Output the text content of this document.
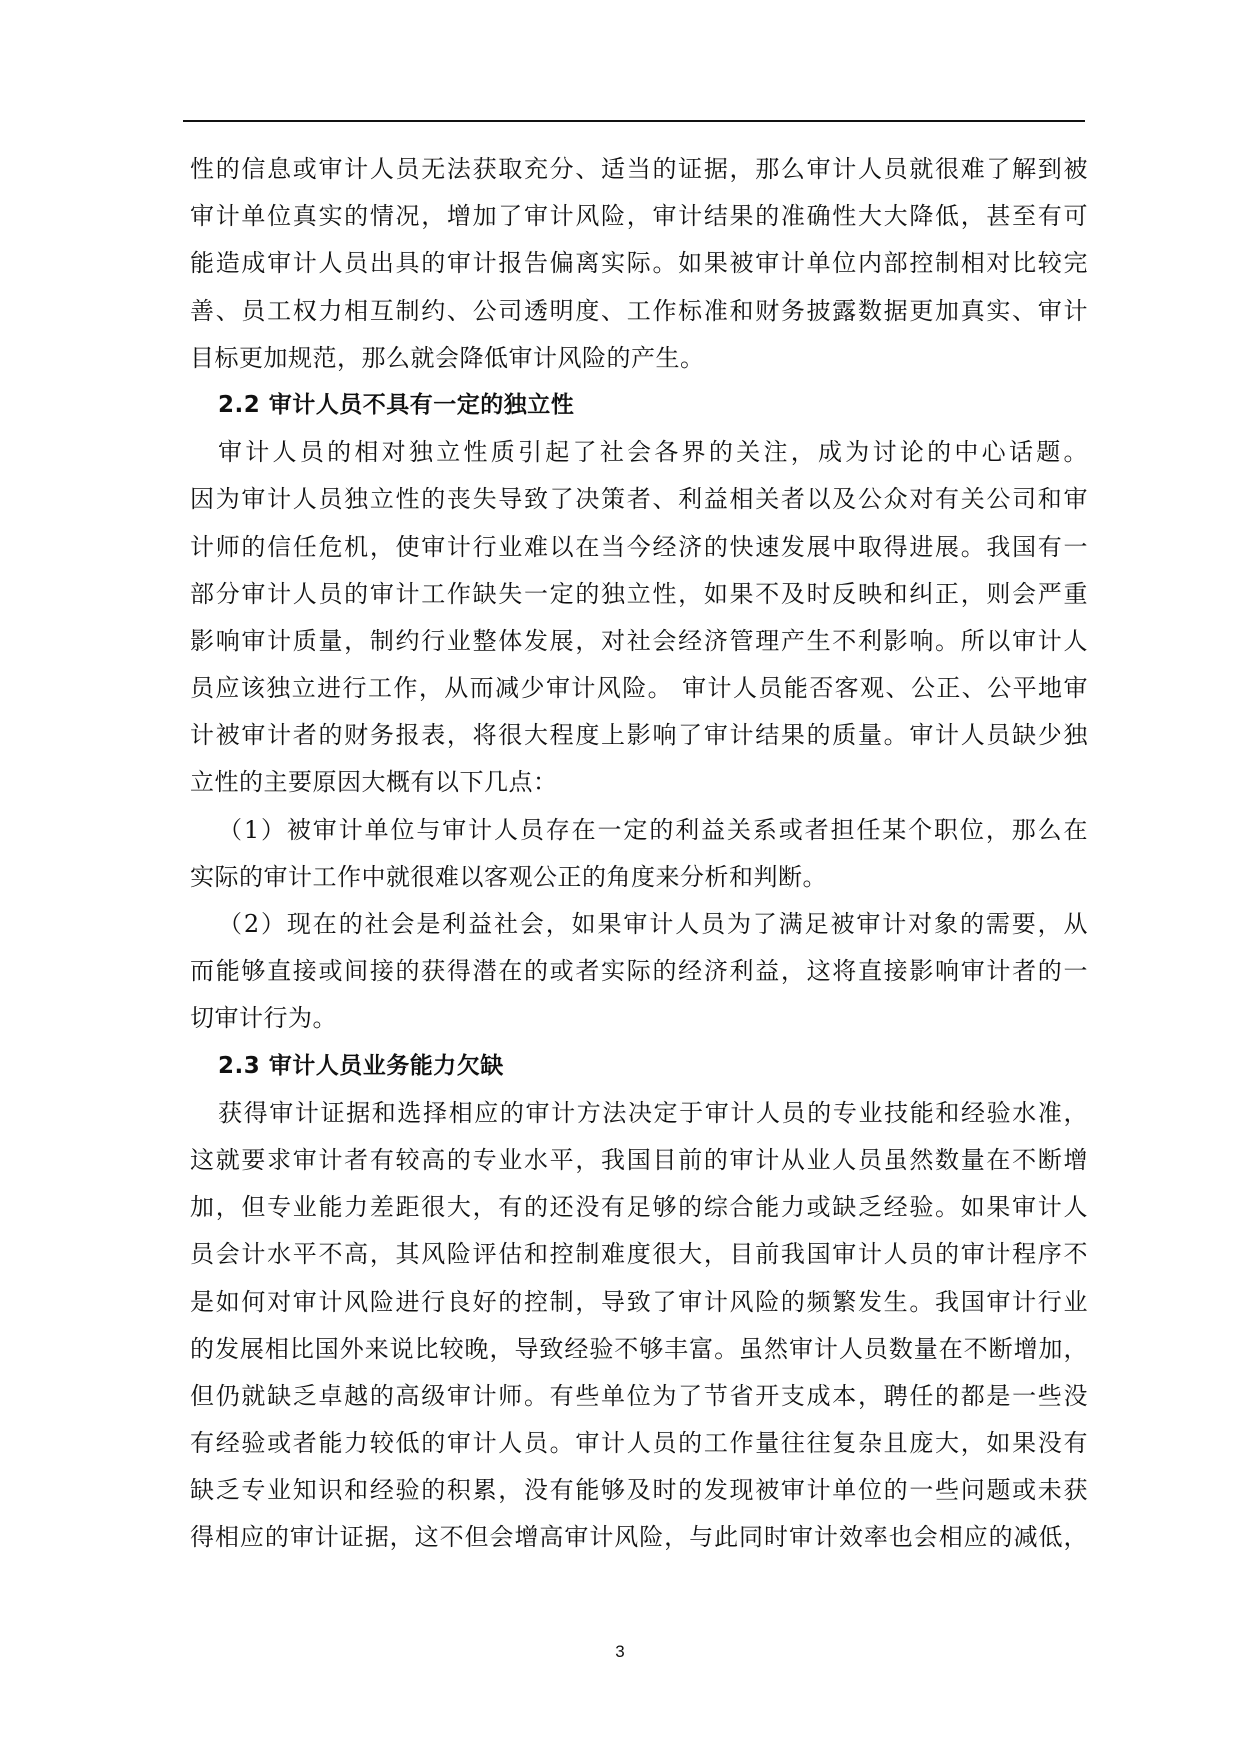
性的信息或审计人员无法获取充分、适当的证据，那么审计人员就很难了解到被
审计单位真实的情况，增加了审计风险，审计结果的准确性大大降低，甚至有可
能造成审计人员出具的审计报告偏离实际。如果被审计单位内部控制相对比较完
善、员工权力相互制约、公司透明度、工作标准和财务披露数据更加真实、审计
目标更加规范，那么就会降低审计风险的产生。
2.2 审计人员不具有一定的独立性
审计人员的相对独立性质引起了社会各界的关注，成为讨论的中心话题。
因为审计人员独立性的丧失导致了决策者、利益相关者以及公众对有关公司和审
计师的信任危机，使审计行业难以在当今经济的快速发展中取得进展。我国有一
部分审计人员的审计工作缺失一定的独立性，如果不及时反映和纠正，则会严重
影响审计质量，制约行业整体发展，对社会经济管理产生不利影响。所以审计人
员应该独立进行工作，从而减少审计风险。 审计人员能否客观、公正、公平地审
计被审计者的财务报表，将很大程度上影响了审计结果的质量。审计人员缺少独
立性的主要原因大概有以下几点：
（1）被审计单位与审计人员存在一定的利益关系或者担任某个职位，那么在
实际的审计工作中就很难以客观公正的角度来分析和判断。
（2）现在的社会是利益社会，如果审计人员为了满足被审计对象的需要，从
而能够直接或间接的获得潜在的或者实际的经济利益，这将直接影响审计者的一
切审计行为。
2.3 审计人员业务能力欠缺
获得审计证据和选择相应的审计方法决定于审计人员的专业技能和经验水准，
这就要求审计者有较高的专业水平，我国目前的审计从业人员虽然数量在不断增
加，但专业能力差距很大，有的还没有足够的综合能力或缺乏经验。如果审计人
员会计水平不高，其风险评估和控制难度很大，目前我国审计人员的审计程序不
是如何对审计风险进行良好的控制，导致了审计风险的频繁发生。我国审计行业
的发展相比国外来说比较晚，导致经验不够丰富。虽然审计人员数量在不断增加，
但仍就缺乏卓越的高级审计师。有些单位为了节省开支成本，聘任的都是一些没
有经验或者能力较低的审计人员。审计人员的工作量往往复杂且庞大，如果没有
缺乏专业知识和经验的积累，没有能够及时的发现被审计单位的一些问题或未获
得相应的审计证据，这不但会增高审计风险，与此同时审计效率也会相应的减低，
3
